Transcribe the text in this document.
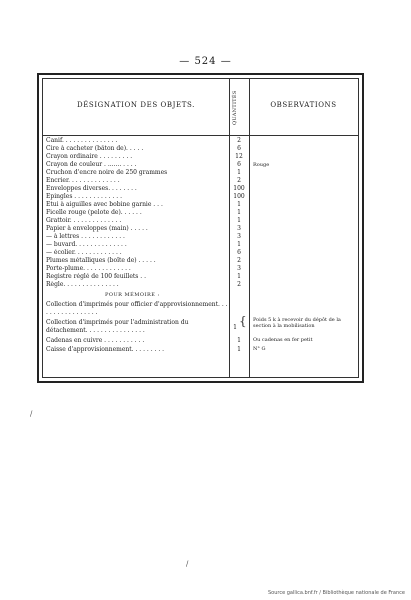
— 524 —
DÉSIGNATION DES OBJETS.	QUANTITÉS	OBSERVATIONS
Canif. . . . . . . . . . . . . . .	2
Cire à cacheter (bâton de). . . . .	6
Crayon ordinaire . . . . . . . . .	12
Crayon de couleur . ....... . . . .	6	Rouge
Cruchon d'encre noire de 250 grammes	1
Encrier. . . . . . . . . . . . . .	2
Enveloppes diverses. . . . . . . .	100
Epingles . . . . . . . . . . . . .	100
Etui à aiguilles avec bobine garnie . . .	1
Ficelle rouge (pelote de). . . . . .	1
Grattoir. . . . . . . . . . . . . .	1
Papier à enveloppes (main) . . . . .	3
— à lettres . . . . . . . . . . . .	3
— buvard. . . . . . . . . . . . . .	1
— écolier. . . . . . . . . . . . .	6
Plumes métalliques (boîte de) . . . . .	2
Porte-plume. . . . . . . . . . . . .	3
Registre réglé de 100 feuillets . .	1
Règle. . . . . . . . . . . . . . .	2
POUR MÉMOIRE :
Collection d'imprimés pour officier d'approvisionnement. . . . . . . . . . . . . . . . .
Collection d'imprimés pour l'administration du détachement. . . . . . . . . . . . . . . .	1 { Poids 5 k à recevoir du dépôt de la section à la mobilisation
Cadenas en cuivre . . . . . . . . . . .	1	Ou cadenas en fer petit
Caisse d'approvisionnement. . . . . . . . .	1	N° G
/
/
Source gallica.bnf.fr / Bibliothèque nationale de France
